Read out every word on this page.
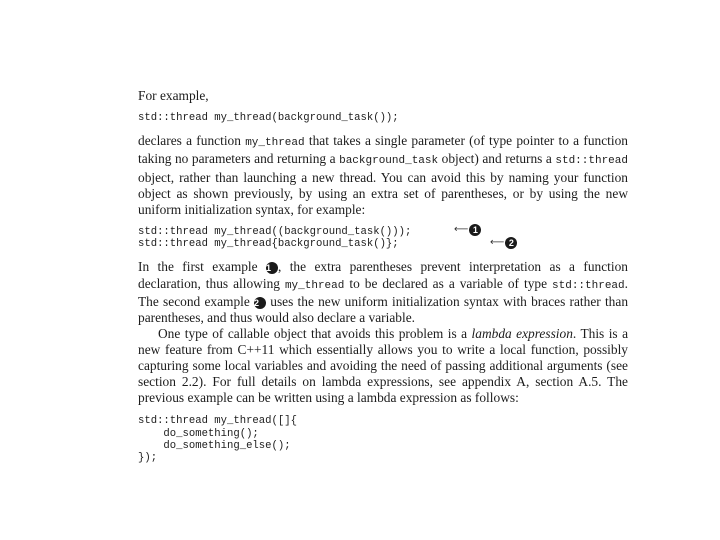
For example,

std::thread my_thread(background_task());

declares a function my_thread that takes a single parameter (of type pointer to a function taking no parameters and returning a background_task object) and returns a std::thread object, rather than launching a new thread. You can avoid this by naming your function object as shown previously, by using an extra set of parentheses, or by using the new uniform initialization syntax, for example:

std::thread my_thread((background_task()));
std::thread my_thread{background_task()};
⟵ 1
⟵ 2

In the first example 1 , the extra parentheses prevent interpretation as a function declaration, thus allowing my_thread to be declared as a variable of type std::thread. The second example 2 uses the new uniform initialization syntax with braces rather than parentheses, and thus would also declare a variable.

One type of callable object that avoids this problem is a lambda expression. This is a new feature from C++11 which essentially allows you to write a local function, possibly capturing some local variables and avoiding the need of passing additional arguments (see section 2.2). For full details on lambda expressions, see appendix A, section A.5. The previous example can be written using a lambda expression as follows:

std::thread my_thread([]{
do_something();
do_something_else();
});
